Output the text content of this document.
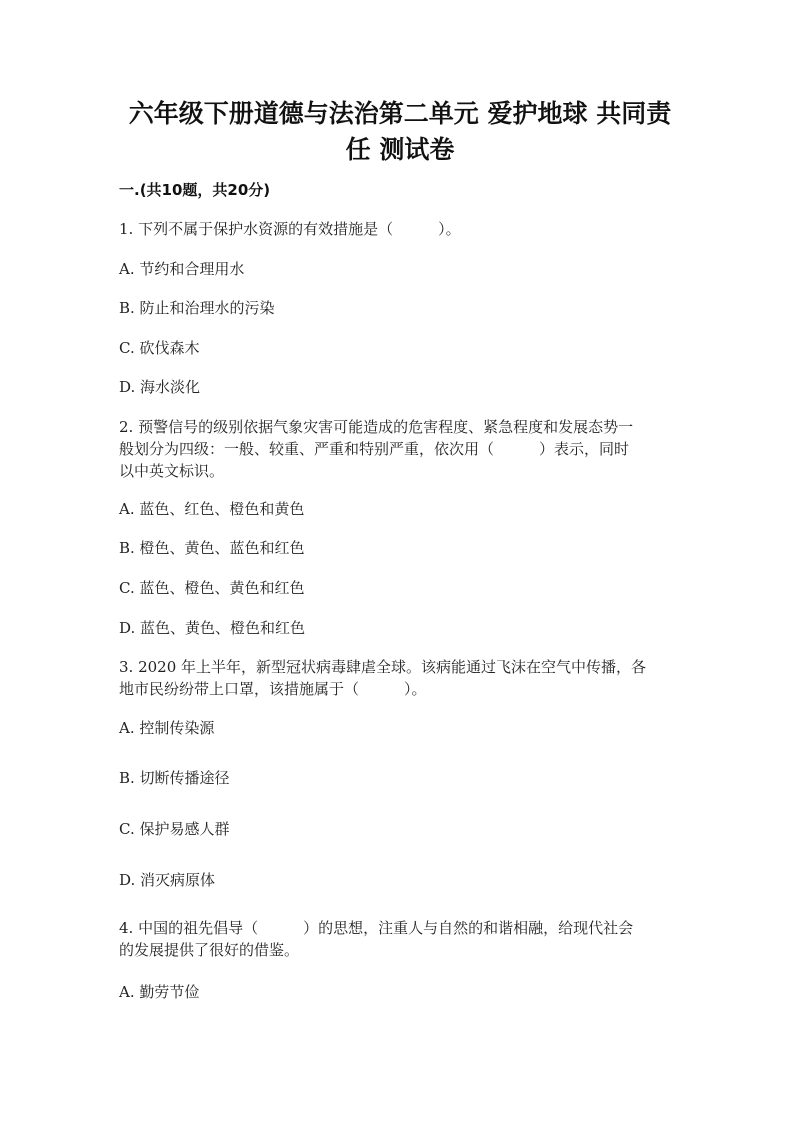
六年级下册道德与法治第二单元 爱护地球 共同责
任 测试卷
一.(共10题，共20分)
1. 下列不属于保护水资源的有效措施是（　　　）。
A. 节约和合理用水
B. 防止和治理水的污染
C. 砍伐森木
D. 海水淡化
2. 预警信号的级别依据气象灾害可能造成的危害程度、紧急程度和发展态势一
般划分为四级：一般、较重、严重和特别严重，依次用（　　　）表示，同时
以中英文标识。
A. 蓝色、红色、橙色和黄色
B. 橙色、黄色、蓝色和红色
C. 蓝色、橙色、黄色和红色
D. 蓝色、黄色、橙色和红色
3. 2020 年上半年，新型冠状病毒肆虐全球。该病能通过飞沫在空气中传播，各
地市民纷纷带上口罩，该措施属于（　　　）。
A. 控制传染源
B. 切断传播途径
C. 保护易感人群
D. 消灭病原体
4. 中国的祖先倡导（　　　）的思想，注重人与自然的和谐相融，给现代社会
的发展提供了很好的借鉴。
A. 勤劳节俭
